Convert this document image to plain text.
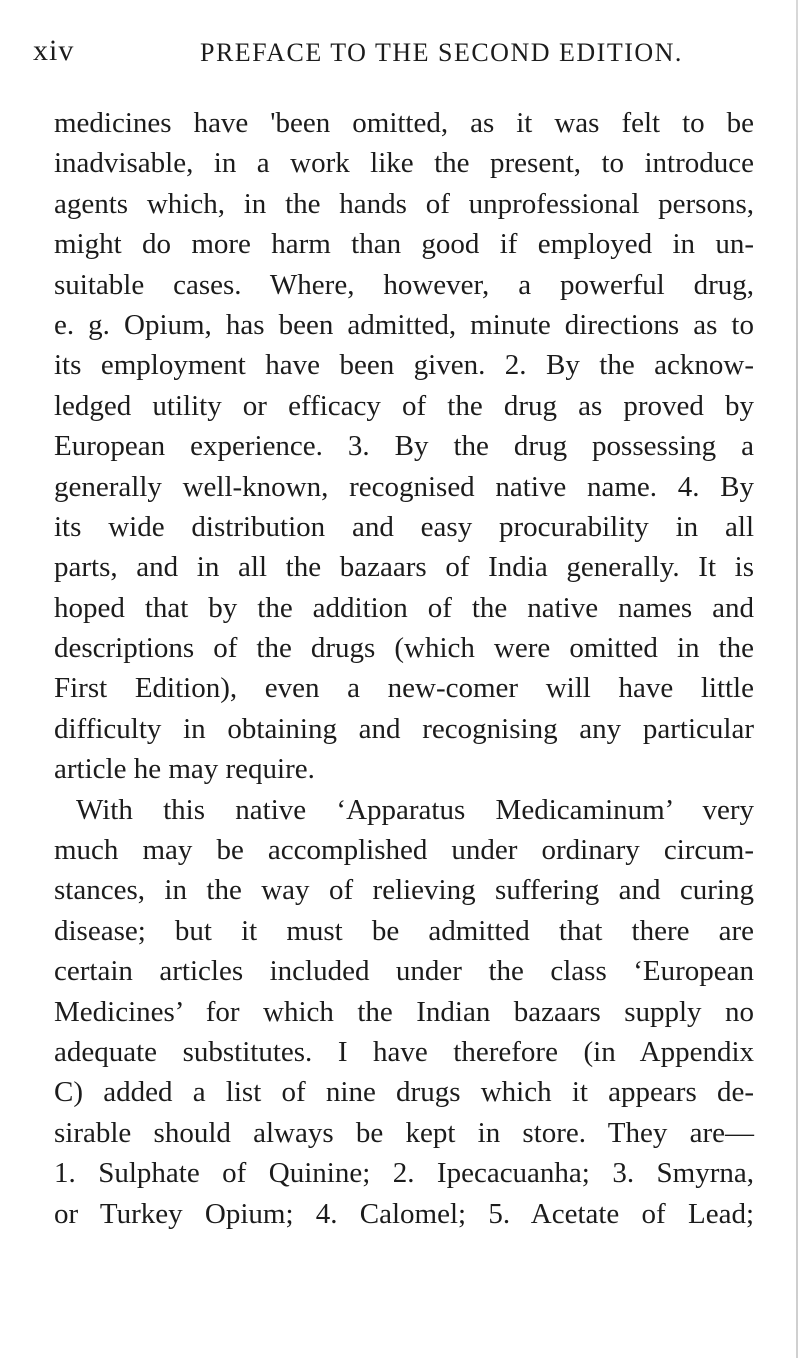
xiv	PREFACE TO THE SECOND EDITION.
medicines have 'been omitted, as it was felt to be
inadvisable, in a work like the present, to introduce
agents which, in the hands of unprofessional persons,
might do more harm than good if employed in un-
suitable cases. Where, however, a powerful drug,
e. g. Opium, has been admitted, minute directions as to
its employment have been given. 2. By the acknow-
ledged utility or efficacy of the drug as proved by
European experience. 3. By the drug possessing a
generally well-known, recognised native name. 4. By
its wide distribution and easy procurability in all
parts, and in all the bazaars of India generally. It is
hoped that by the addition of the native names and
descriptions of the drugs (which were omitted in the
First Edition), even a new-comer will have little
difficulty in obtaining and recognising any particular
article he may require.
With this native ‘Apparatus Medicaminum’ very
much may be accomplished under ordinary circum-
stances, in the way of relieving suffering and curing
disease; but it must be admitted that there are
certain articles included under the class ‘European
Medicines’ for which the Indian bazaars supply no
adequate substitutes. I have therefore (in Appendix
C) added a list of nine drugs which it appears de-
sirable should always be kept in store. They are—
1. Sulphate of Quinine; 2. Ipecacuanha; 3. Smyrna,
or Turkey Opium; 4. Calomel; 5. Acetate of Lead;
